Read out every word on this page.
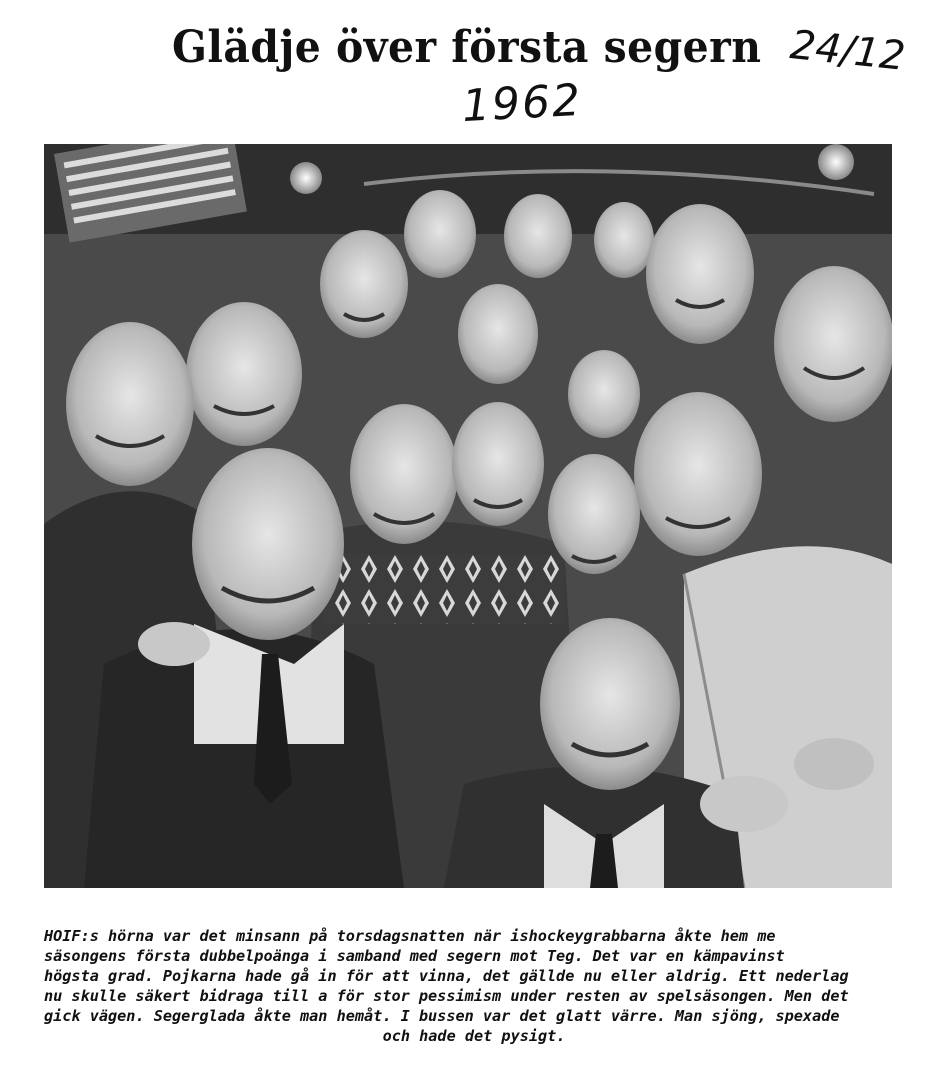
Glädje över första segern 24/12
1962

HOIF:s hörna var det minsann på torsdagsnatten när ishockeygrabbarna åkte hem me

säsongens första dubbelpoänga i samband med segern mot Teg. Det var en kämpavinst

högsta grad. Pojkarna hade gå in för att vinna, det gällde nu eller aldrig. Ett nederlag

nu skulle säkert bidraga till a för stor pessimism under resten av spelsäsongen. Men det

gick vägen. Segerglada åkte man hemåt. I bussen var det glatt värre. Man sjöng, spexade

och hade det pysigt.
